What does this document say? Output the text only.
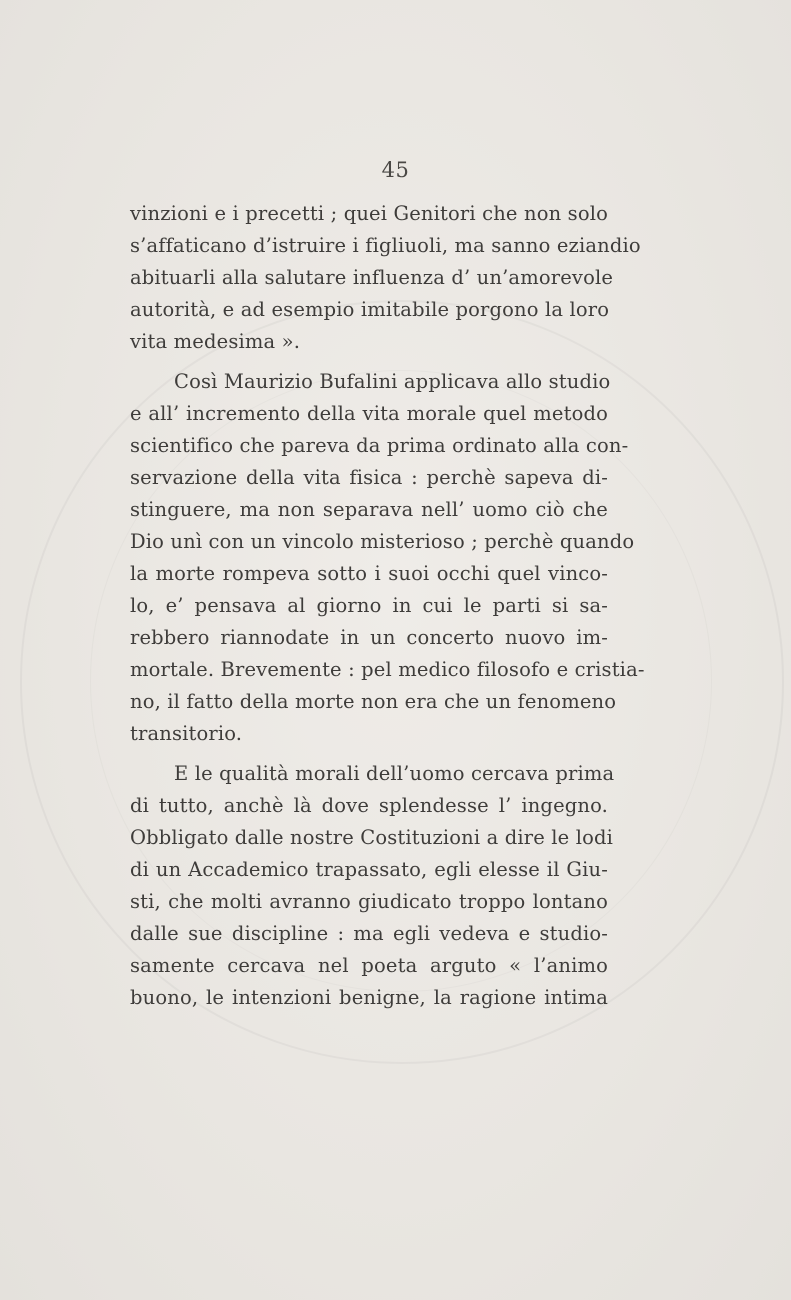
45
vinzioni e i precetti ; quei Genitori che non solo
s’affaticano d’istruire i figliuoli, ma sanno eziandio
abituarli alla salutare influenza d’ un’amorevole
autorità, e ad esempio imitabile porgono la loro
vita medesima ».
Così Maurizio Bufalini applicava allo studio
e all’ incremento della vita morale quel metodo
scientifico che pareva da prima ordinato alla con-
servazione della vita fisica : perchè sapeva di-
stinguere, ma non separava nell’ uomo ciò che
Dio unì con un vincolo misterioso ; perchè quando
la morte rompeva sotto i suoi occhi quel vinco-
lo, e’ pensava al giorno in cui le parti si sa-
rebbero riannodate in un concerto nuovo im-
mortale. Brevemente : pel medico filosofo e cristia-
no, il fatto della morte non era che un fenomeno
transitorio.
E le qualità morali dell’uomo cercava prima
di tutto, anchè là dove splendesse l’ ingegno.
Obbligato dalle nostre Costituzioni a dire le lodi
di un Accademico trapassato, egli elesse il Giu-
sti, che molti avranno giudicato troppo lontano
dalle sue discipline : ma egli vedeva e studio-
samente cercava nel poeta arguto « l’animo
buono, le intenzioni benigne, la ragione intima
